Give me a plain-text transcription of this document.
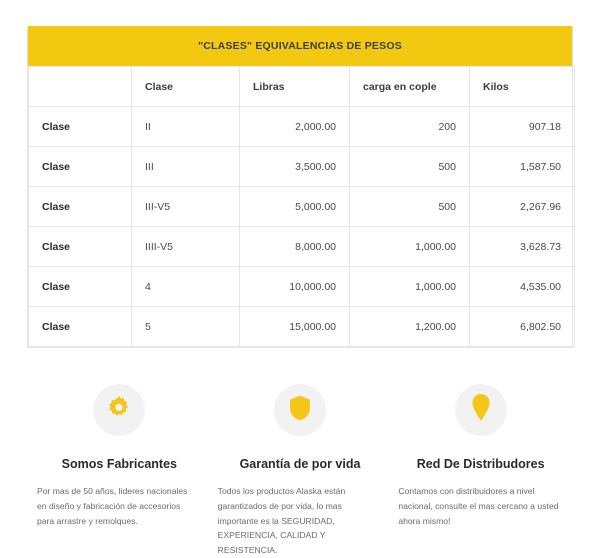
"CLASES" EQUIVALENCIAS DE PESOS
	Clase	Libras	carga en cople	Kilos
Clase	II	2,000.00	200	907.18
Clase	III	3,500.00	500	1,587.50
Clase	III-V5	5,000.00	500	2,267.96
Clase	IIII-V5	8,000.00	1,000.00	3,628.73
Clase	4	10,000.00	1,000.00	4,535.00
Clase	5	15,000.00	1,200.00	6,802.50
Somos Fabricantes
Por mas de 50 años, lideres nacionales en diseño y fabricación de accesorios para arrastre y remolques.
Garantía de por vida
Todos los productos Alaska están garantizados de por vida, lo mas importante es la SEGURIDAD, EXPERIENCIA, CALIDAD Y RESISTENCIA.
Red De Distribudores
Contamos con distribuidores a nivel nacional, consulte el mas cercano a usted ahora mismo!
